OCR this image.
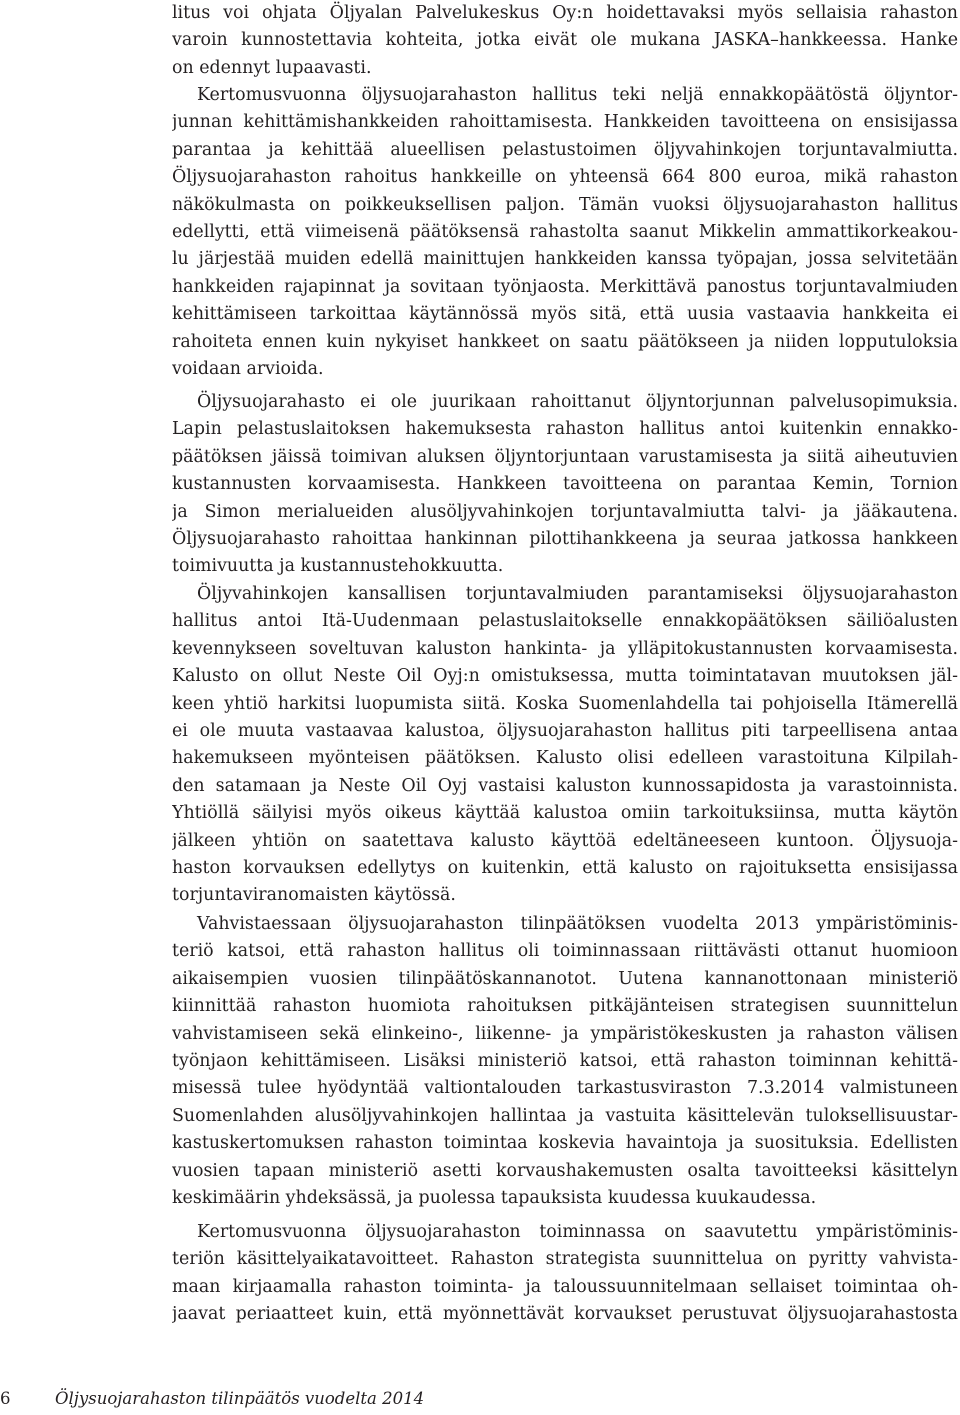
litus voi ohjata Öljyalan Palvelukeskus Oy:n hoidettavaksi myös sellaisia rahaston
varoin kunnostettavia kohteita, jotka eivät ole mukana JASKA–hankkeessa. Hanke
on edennyt lupaavasti.
Kertomusvuonna öljysuojarahaston hallitus teki neljä ennakkopäätöstä öljyntor-
junnan kehittämishankkeiden rahoittamisesta. Hankkeiden tavoitteena on ensisijassa
parantaa ja kehittää alueellisen pelastustoimen öljyvahinkojen torjuntavalmiutta.
Öljysuojarahaston rahoitus hankkeille on yhteensä 664 800 euroa, mikä rahaston
näkökulmasta on poikkeuksellisen paljon. Tämän vuoksi öljysuojarahaston hallitus
edellytti, että viimeisenä päätöksensä rahastolta saanut Mikkelin ammattikorkeakou-
lu järjestää muiden edellä mainittujen hankkeiden kanssa työpajan, jossa selvitetään
hankkeiden rajapinnat ja sovitaan työnjaosta. Merkittävä panostus torjuntavalmiuden
kehittämiseen tarkoittaa käytännössä myös sitä, että uusia vastaavia hankkeita ei
rahoiteta ennen kuin nykyiset hankkeet on saatu päätökseen ja niiden lopputuloksia
voidaan arvioida.
Öljysuojarahasto ei ole juurikaan rahoittanut öljyntorjunnan palvelusopimuksia.
Lapin pelastuslaitoksen hakemuksesta rahaston hallitus antoi kuitenkin ennakko-
päätöksen jäissä toimivan aluksen öljyntorjuntaan varustamisesta ja siitä aiheutuvien
kustannusten korvaamisesta. Hankkeen tavoitteena on parantaa Kemin, Tornion
ja Simon merialueiden alusöljyvahinkojen torjuntavalmiutta talvi- ja jääkautena.
Öljysuojarahasto rahoittaa hankinnan pilottihankkeena ja seuraa jatkossa hankkeen
toimivuutta ja kustannustehokkuutta.
Öljyvahinkojen kansallisen torjuntavalmiuden parantamiseksi öljysuojarahaston
hallitus antoi Itä-Uudenmaan pelastuslaitokselle ennakkopäätöksen säiliöalusten
kevennykseen soveltuvan kaluston hankinta- ja ylläpitokustannusten korvaamisesta.
Kalusto on ollut Neste Oil Oyj:n omistuksessa, mutta toimintatavan muutoksen jäl-
keen yhtiö harkitsi luopumista siitä. Koska Suomenlahdella tai pohjoisella Itämerellä
ei ole muuta vastaavaa kalustoa, öljysuojarahaston hallitus piti tarpeellisena antaa
hakemukseen myönteisen päätöksen. Kalusto olisi edelleen varastoituna Kilpilah-
den satamaan ja Neste Oil Oyj vastaisi kaluston kunnossapidosta ja varastoinnista.
Yhtiöllä säilyisi myös oikeus käyttää kalustoa omiin tarkoituksiinsa, mutta käytön
jälkeen yhtiön on saatettava kalusto käyttöä edeltäneeseen kuntoon. Öljysuoja-
haston korvauksen edellytys on kuitenkin, että kalusto on rajoituksetta ensisijassa
torjuntaviranomaisten käytössä.
Vahvistaessaan öljysuojarahaston tilinpäätöksen vuodelta 2013 ympäristöminis-
teriö katsoi, että rahaston hallitus oli toiminnassaan riittävästi ottanut huomioon
aikaisempien vuosien tilinpäätöskannanotot. Uutena kannanottonaan ministeriö
kiinnittää rahaston huomiota rahoituksen pitkäjänteisen strategisen suunnittelun
vahvistamiseen sekä elinkeino-, liikenne- ja ympäristökeskusten ja rahaston välisen
työnjaon kehittämiseen. Lisäksi ministeriö katsoi, että rahaston toiminnan kehittä-
misessä tulee hyödyntää valtiontalouden tarkastusviraston 7.3.2014 valmistuneen
Suomenlahden alusöljyvahinkojen hallintaa ja vastuita käsittelevän tuloksellisuustar-
kastuskertomuksen rahaston toimintaa koskevia havaintoja ja suosituksia. Edellisten
vuosien tapaan ministeriö asetti korvaushakemusten osalta tavoitteeksi käsittelyn
keskimäärin yhdeksässä, ja puolessa tapauksista kuudessa kuukaudessa.
Kertomusvuonna öljysuojarahaston toiminnassa on saavutettu ympäristöminis-
teriön käsittelyaikatavoitteet. Rahaston strategista suunnittelua on pyritty vahvista-
maan kirjaamalla rahaston toiminta- ja taloussuunnitelmaan sellaiset toimintaa oh-
jaavat periaatteet kuin, että myönnettävät korvaukset perustuvat öljysuojarahastosta
6	Öljysuojarahaston tilinpäätös vuodelta 2014
